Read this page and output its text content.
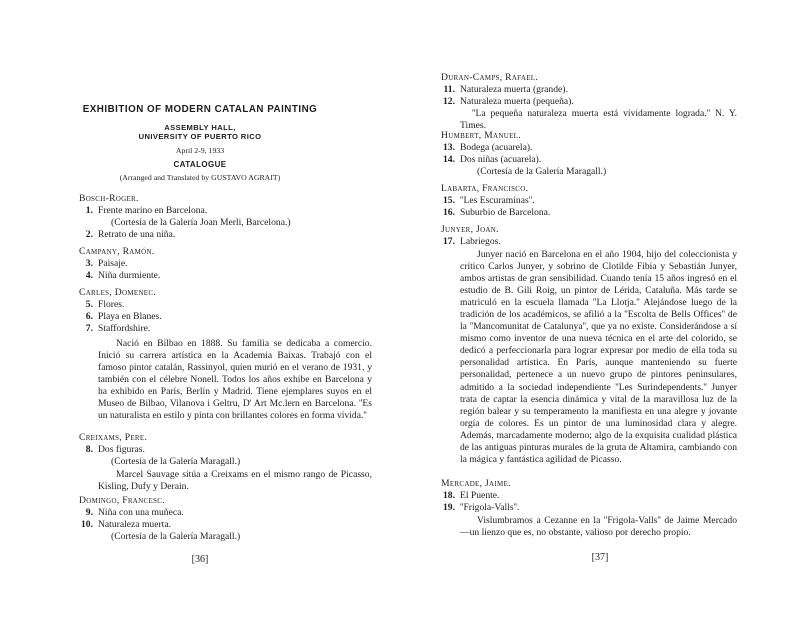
EXHIBITION OF MODERN CATALAN PAINTING
ASSEMBLY HALL,
UNIVERSITY OF PUERTO RICO
April 2-9, 1933
CATALOGUE
(Arranged and Translated by GUSTAVO AGRAIT)
Bosch-Roger.
1. Frente marino en Barcelona.
(Cortesía de la Galería Joan Merli, Barcelona.)
2. Retrato de una niña.
Campany, Ramón.
3. Paisaje.
4. Niña durmiente.
Carles, Domenec.
5. Flores.
6. Playa en Blanes.
7. Staffordshire.
Nació en Bilbao en 1888. Su familia se dedicaba a comercio. Inició su carrera artística en la Academia Baixas. Trabajó con el famoso pintor catalán, Rassinyol, quien murió en el verano de 1931, y también con el célebre Nonell. Todos los años exhibe en Barcelona y ha exhibido en París, Berlín y Madrid. Tiene ejemplares suyos en el Museo de Bilbao, Vilanova i Geltru, D' Art Mc.lern en Barcelona. ''Es un naturalista en estilo y pinta con brillantes colores en forma vívida.''
Creixams, Pere.
8. Dos figuras.
(Cortesía de la Galería Maragall.)
Marcel Sauvage sitúa a Creixams en el mismo rango de Picasso, Kisling, Dufy y Derain.
Domingo, Francesc.
9. Niña con una muñeca.
10. Naturaleza muerta.
(Cortesía de la Galería Maragall.)
[36]
Duran-Camps, Rafael.
11. Naturaleza muerta (grande).
12. Naturaleza muerta (pequeña).
''La pequeña naturaleza muerta está vívidamente lograda.'' N. Y. Times.
Humbert, Manuel.
13. Bodega (acuarela).
14. Dos niñas (acuarela).
(Cortesía de la Galería Maragall.)
Labarta, Francisco.
15. ''Les Escuraminas''.
16. Suburbio de Barcelona.
Junyer, Joan.
17. Labriegos.
Junyer nació en Barcelona en el año 1904, hijo del coleccionista y crítico Carlos Junyer, y sobrino de Clotilde Fibia y Sebastián Junyer, ambos artistas de gran sensibilidad. Cuando tenía 15 años ingresó en el estudio de B. Gili Roig, un pintor de Lérida, Cataluña. Más tarde se matriculó en la escuela llamada ''La Llotja.'' Alejándose luego de la tradición de los académicos, se afilió a la ''Escolta de Bells Offices'' de la ''Mancomunitat de Catalunya'', que ya no existe. Considerándose a sí mismo como inventor de una nueva técnica en el arte del colorido, se dedicó a perfeccionarla para lograr expresar por medio de ella toda su personalidad artística. En París, aunque manteniendo su fuerte personalidad, pertenece a un nuevo grupo de pintores peninsulares, admitido a la sociedad independiente ''Les Surindependents.'' Junyer trata de captar la esencia dinámica y vital de la maravillosa luz de la región balear y su temperamento la manifiesta en una alegre y jovante orgía de colores. Es un pintor de una luminosidad clara y alegre. Además, marcadamente moderno; algo de la exquisita cualidad plástica de las antiguas pinturas murales de la gruta de Altamira, cambiando con la mágica y fantástica agilidad de Picasso.
Mercade, Jaime.
18. El Puente.
19. ''Frigola-Valls''.
Vislumbramos a Cezanne en la ''Frigola-Valls'' de Jaime Mercado—un lienzo que es, no obstante, valioso por derecho propio.
[37]
